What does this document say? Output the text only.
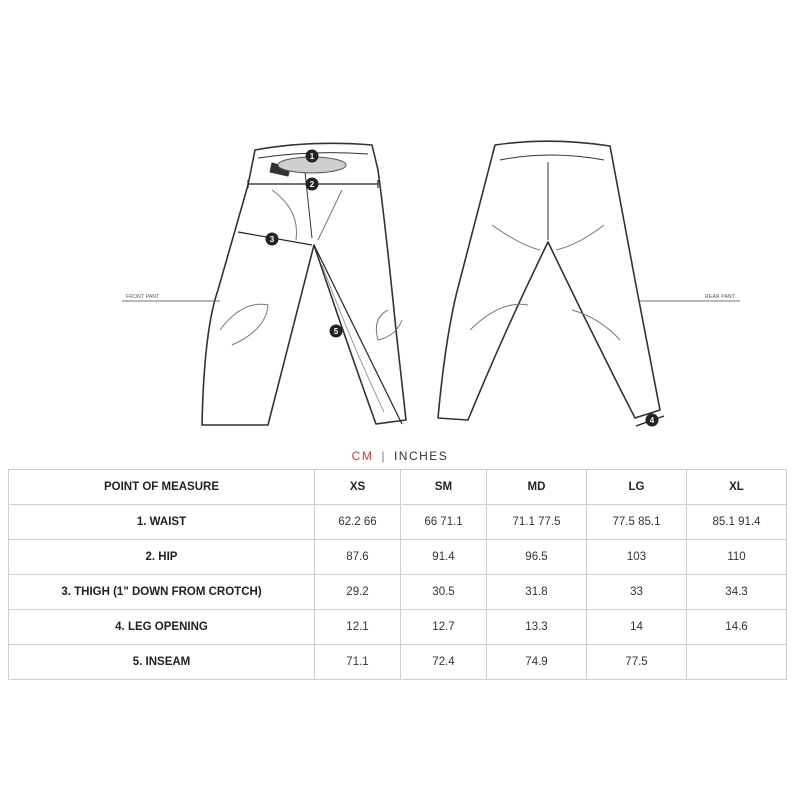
FRONT PANT	REAR PANT
1
2
3
5
4
CM | INCHES
POINT OF MEASURE	XS	SM	MD	LG	XL
1. WAIST	62.2 66	66 71.1	71.1 77.5	77.5 85.1	85.1 91.4
2. HIP	87.6	91.4	96.5	103	110
3. THIGH (1" DOWN FROM CROTCH)	29.2	30.5	31.8	33	34.3
4. LEG OPENING	12.1	12.7	13.3	14	14.6
5. INSEAM	71.1	72.4	74.9	77.5	
